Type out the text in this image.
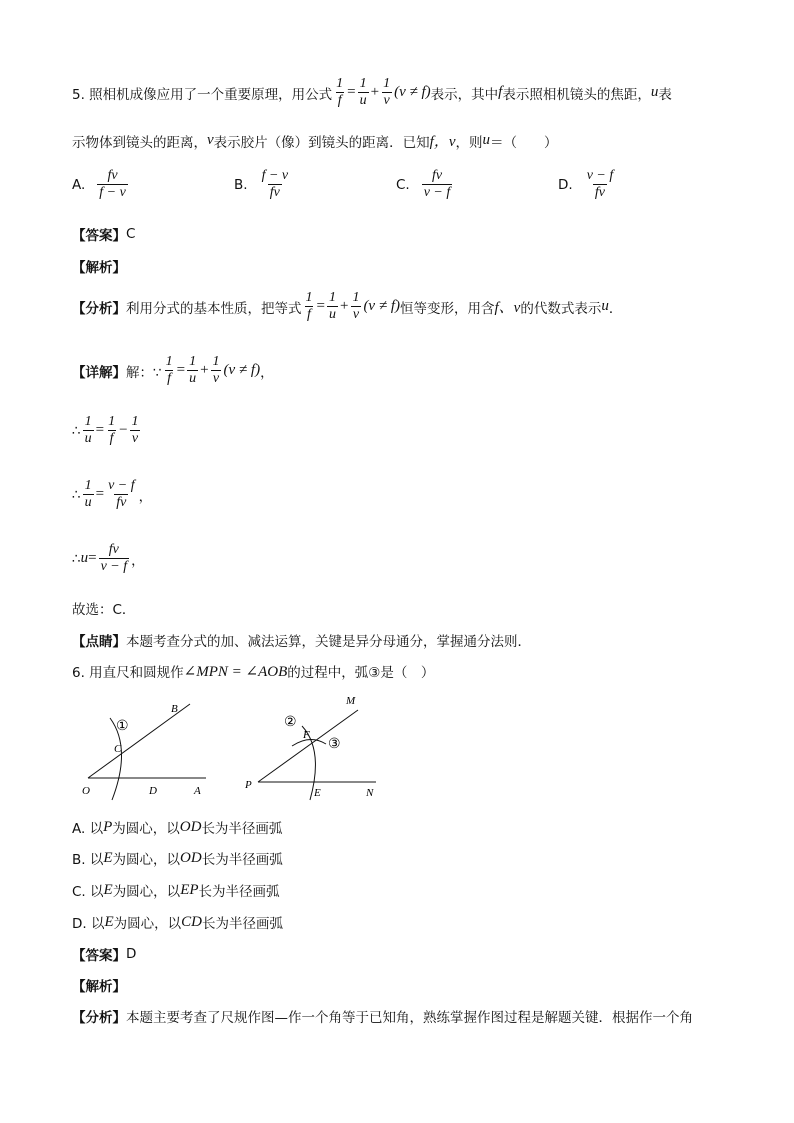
5. 照相机成像应用了一个重要原理，用公式 $\frac{1}{f} = \frac{1}{u} + \frac{1}{v} (v \ne f)$ 表示，其中 f 表示照相机镜头的焦距， u 表
示物体到镜头的距离， v 表示胶片（像）到镜头的距离．已知 f，v ，则 u ＝（　　）
A. $\frac{fv}{f - v}$	B. $\frac{f - v}{fv}$	C. $\frac{fv}{v - f}$	D. $\frac{v - f}{fv}$
【答案】 C
【解析】
【分析】 利用分式的基本性质，把等式 $\frac{1}{f} = \frac{1}{u} + \frac{1}{v} (v \ne f)$ 恒等变形，用含 f、v 的代数式表示 u ．
【详解】 解：∵ $\frac{1}{f} = \frac{1}{u} + \frac{1}{v} (v \ne f)$ ，
∴ $\frac{1}{u} = \frac{1}{f} - \frac{1}{v}$
∴ $\frac{1}{u} = \frac{v - f}{fv}$ ，
∴ $u = \frac{fv}{v - f}$ ，
故选：C．
【点睛】 本题考查分式的加、减法运算，关键是异分母通分，掌握通分法则．
6. 用直尺和圆规作 ∠MPN = ∠AOB 的过程中，弧③是（　）
B
C
O	D	A
①
M
F
P
E	N
②
③
A. 以 P 为圆心，以 OD 长为半径画弧
B. 以 E 为圆心，以 OD 长为半径画弧
C. 以 E 为圆心，以 EP 长为半径画弧
D. 以 E 为圆心，以 CD 长为半径画弧
【答案】 D
【解析】
【分析】 本题主要考查了尺规作图—作一个角等于已知角，熟练掌握作图过程是解题关键．根据作一个角
